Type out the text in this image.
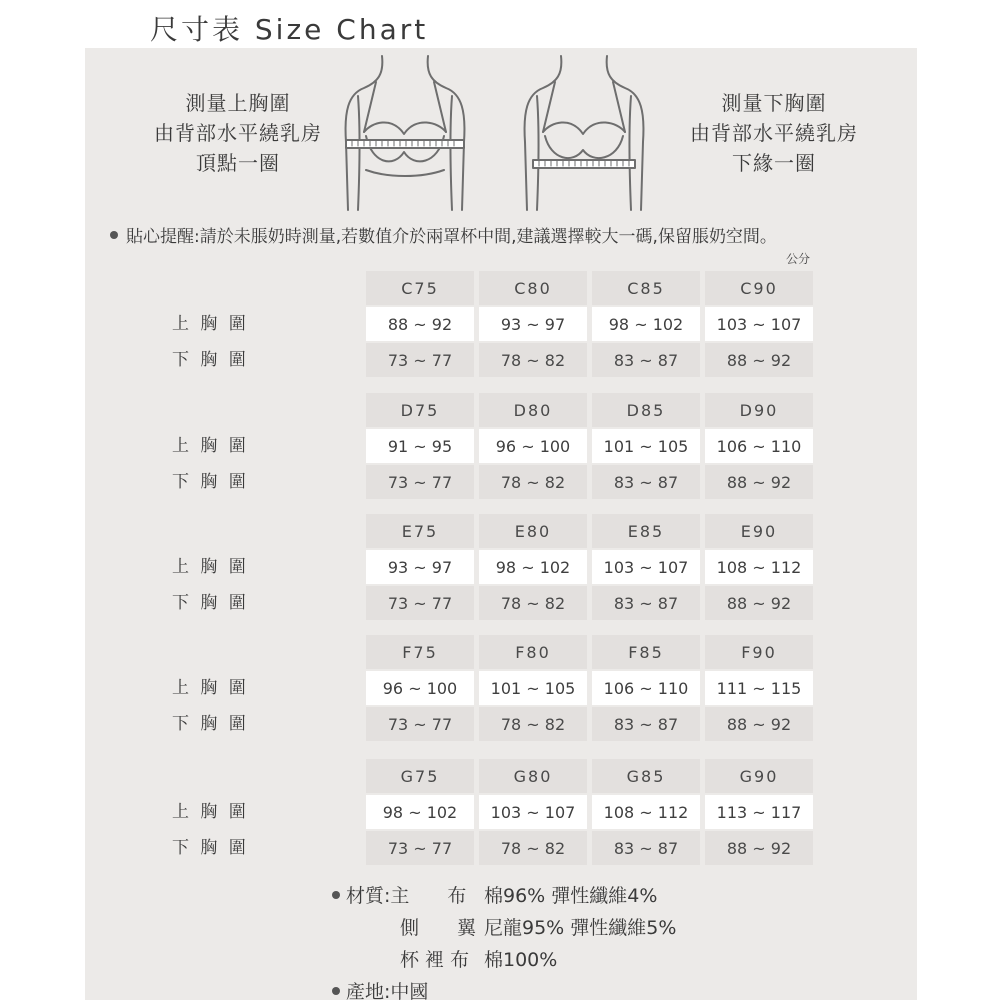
尺寸表 Size Chart
測量上胸圍
由背部水平繞乳房
頂點一圈
測量下胸圍
由背部水平繞乳房
下緣一圈
貼心提醒:請於未脹奶時測量,若數值介於兩罩杯中間,建議選擇較大一碼,保留脹奶空間。
公分
C75	C80	C85	C90
上 胸 圍	88 ~ 92	93 ~ 97	98 ~ 102	103 ~ 107
下 胸 圍	73 ~ 77	78 ~ 82	83 ~ 87	88 ~ 92
D75	D80	D85	D90
上 胸 圍	91 ~ 95	96 ~ 100	101 ~ 105	106 ~ 110
下 胸 圍	73 ~ 77	78 ~ 82	83 ~ 87	88 ~ 92
E75	E80	E85	E90
上 胸 圍	93 ~ 97	98 ~ 102	103 ~ 107	108 ~ 112
下 胸 圍	73 ~ 77	78 ~ 82	83 ~ 87	88 ~ 92
F75	F80	F85	F90
上 胸 圍	96 ~ 100	101 ~ 105	106 ~ 110	111 ~ 115
下 胸 圍	73 ~ 77	78 ~ 82	83 ~ 87	88 ~ 92
G75	G80	G85	G90
上 胸 圍	98 ~ 102	103 ~ 107	108 ~ 112	113 ~ 117
下 胸 圍	73 ~ 77	78 ~ 82	83 ~ 87	88 ~ 92
材質:主　　布 棉96% 彈性纖維4%
側　　翼 尼龍95% 彈性纖維5%
杯 裡 布 棉100%
產地:中國
